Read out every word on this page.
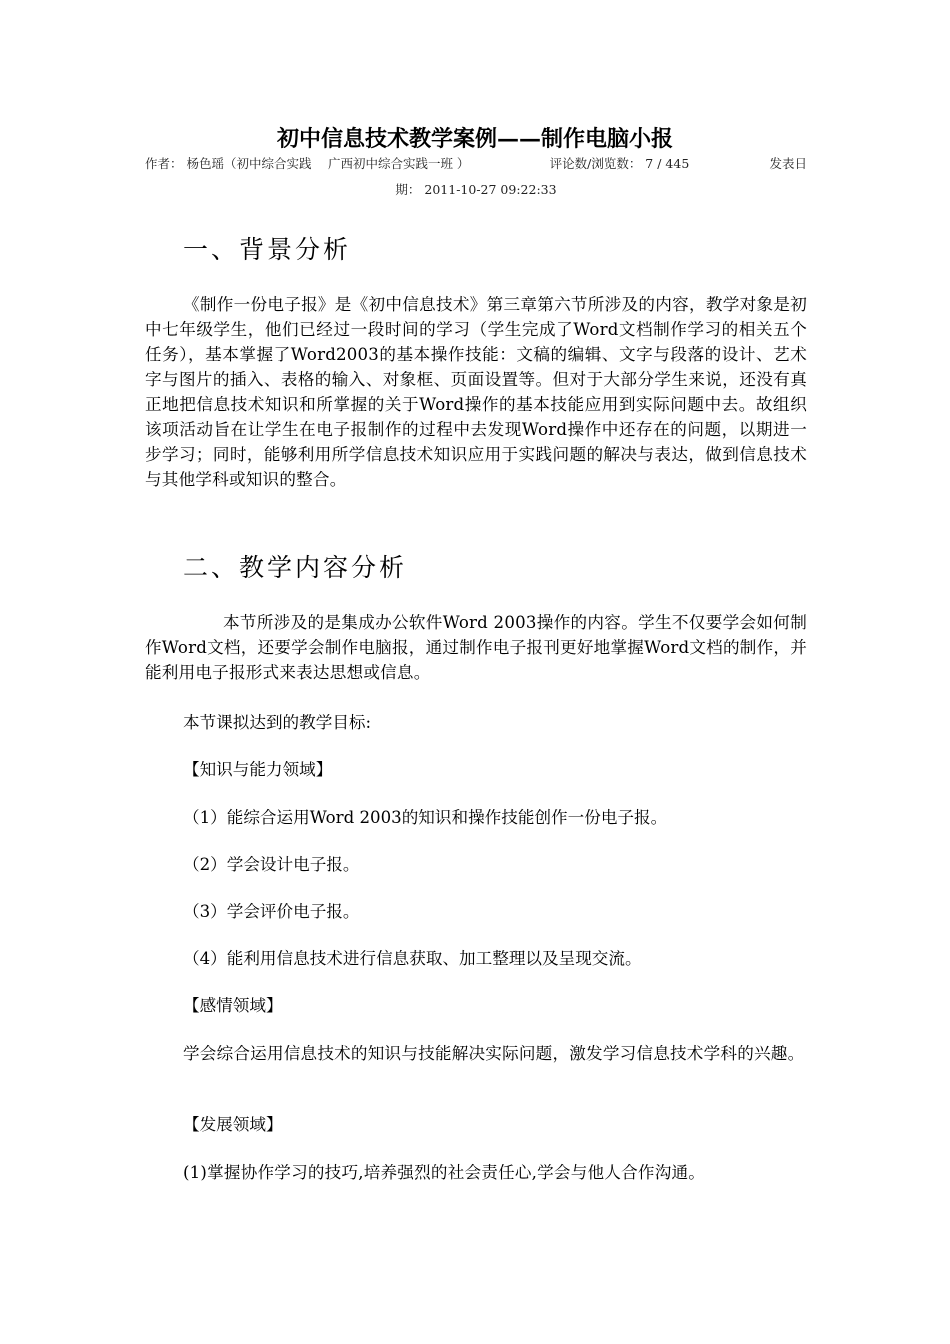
初中信息技术教学案例——制作电脑小报
作者： 杨色瑶（初中综合实践　 广西初中综合实践一班 ）	评论数/浏览数： 7 / 445	发表日
期： 2011-10-27 09:22:33
一、背景分析
《制作一份电子报》是《初中信息技术》第三章第六节所涉及的内容，教学对象是初中七年级学生，他们已经过一段时间的学习（学生完成了Word文档制作学习的相关五个任务），基本掌握了Word2003的基本操作技能：文稿的编辑、文字与段落的设计、艺术字与图片的插入、表格的输入、对象框、页面设置等。但对于大部分学生来说，还没有真正地把信息技术知识和所掌握的关于Word操作的基本技能应用到实际问题中去。故组织该项活动旨在让学生在电子报制作的过程中去发现Word操作中还存在的问题，以期进一步学习；同时，能够利用所学信息技术知识应用于实践问题的解决与表达，做到信息技术与其他学科或知识的整合。
二、教学内容分析
本节所涉及的是集成办公软件Word 2003操作的内容。学生不仅要学会如何制作Word文档，还要学会制作电脑报，通过制作电子报刊更好地掌握Word文档的制作，并能利用电子报形式来表达思想或信息。
本节课拟达到的教学目标:
【知识与能力领域】
（1）能综合运用Word 2003的知识和操作技能创作一份电子报。
（2）学会设计电子报。
（3）学会评价电子报。
（4）能利用信息技术进行信息获取、加工整理以及呈现交流。
【感情领域】
学会综合运用信息技术的知识与技能解决实际问题，激发学习信息技术学科的兴趣。
【发展领域】
(1)掌握协作学习的技巧,培养强烈的社会责任心,学会与他人合作沟通。
